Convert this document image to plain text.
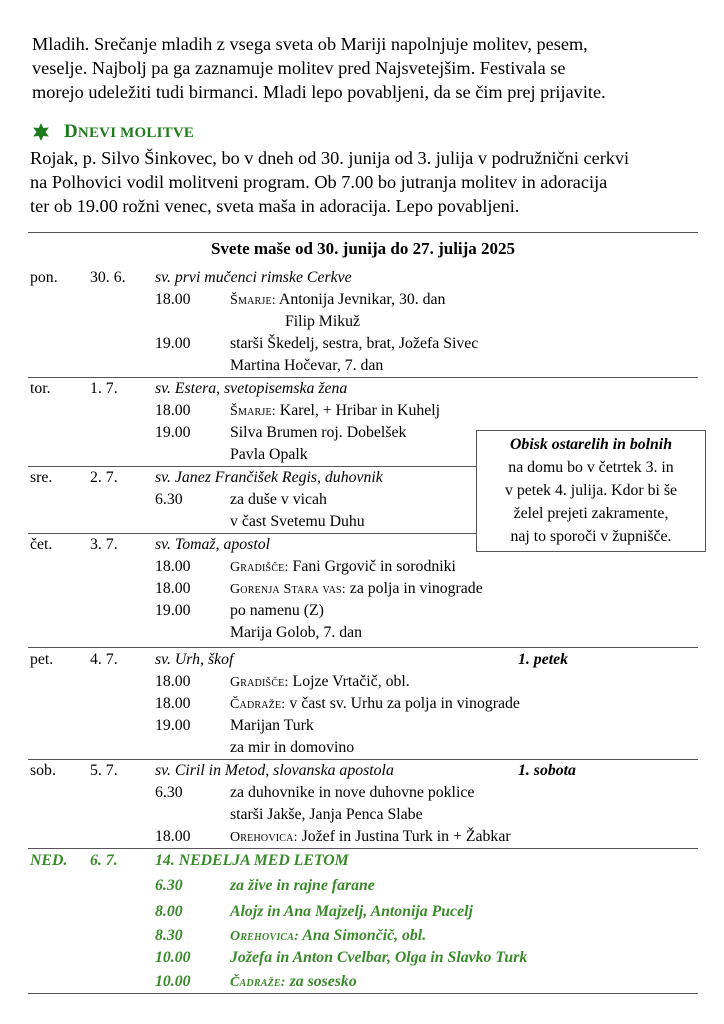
Mladih. Srečanje mladih z vsega sveta ob Mariji napolnjuje molitev, pesem,

veselje. Najbolj pa ga zaznamuje molitev pred Najsvetejšim. Festivala se

morejo udeležiti tudi birmanci. Mladi lepo povabljeni, da se čim prej prijavite.

DNEVI MOLITVE
Rojak, p. Silvo Šinkovec, bo v dneh od 30. junija od 3. julija v podružnični cerkvi
na Polhovici vodil molitveni program. Ob 7.00 bo jutranja molitev in adoracija
ter ob 19.00 rožni venec, sveta maša in adoracija. Lepo povabljeni.
Svete maše od 30. junija do 27. julija 2025
pon. 30. 6. sv. prvi mučenci rimske Cerkve
18.00	Šmarje: Antonija Jevnikar, 30. dan
Filip Mikuž
19.00 starši Škedelj, sestra, brat, Jožefa Sivec
Martina Hočevar, 7. dan
tor. 1. 7. sv. Estera, svetopisemska žena
18.00	Šmarje: Karel, + Hribar in Kuhelj
19.00 Silva Brumen roj. Dobelšek
Pavla Opalk
sre. 2. 7. sv. Janez Frančišek Regis, duhovnik
6.30	za duše v vicah
v čast Svetemu Duhu
čet. 3. 7. sv. Tomaž, apostol
18.00	Gradišče: Fani Grgovič in sorodniki
18.00	Gorenja Stara vas: za polja in vinograde
19.00 po namenu (Z)
Marija Golob, 7. dan
pet. 4. 7. sv. Urh, škof	1. petek
18.00	Gradišče: Lojze Vrtačič, obl.
18.00	Čadraže: v čast sv. Urhu za polja in vinograde
19.00 Marijan Turk
za mir in domovino
sob. 5. 7. sv. Ciril in Metod, slovanska apostola	1. sobota
6.30	za duhovnike in nove duhovne poklice
starši Jakše, Janja Penca Slabe
18.00	Orehovica: Jožef in Justina Turk in + Žabkar
NED. 6. 7. 14. NEDELJA MED LETOM
6.30	za žive in rajne farane
8.00	Alojz in Ana Majzelj, Antonija Pucelj
8.30	Orehovica: Ana Simončič, obl.
10.00 Jožefa in Anton Cvelbar, Olga in Slavko Turk
10.00	Čadraže: za sosesko
Obisk ostarelih in bolnih
na domu bo v četrtek 3. in
v petek 4. julija. Kdor bi še
želel prejeti zakramente,
naj to sporoči v župnišče.
